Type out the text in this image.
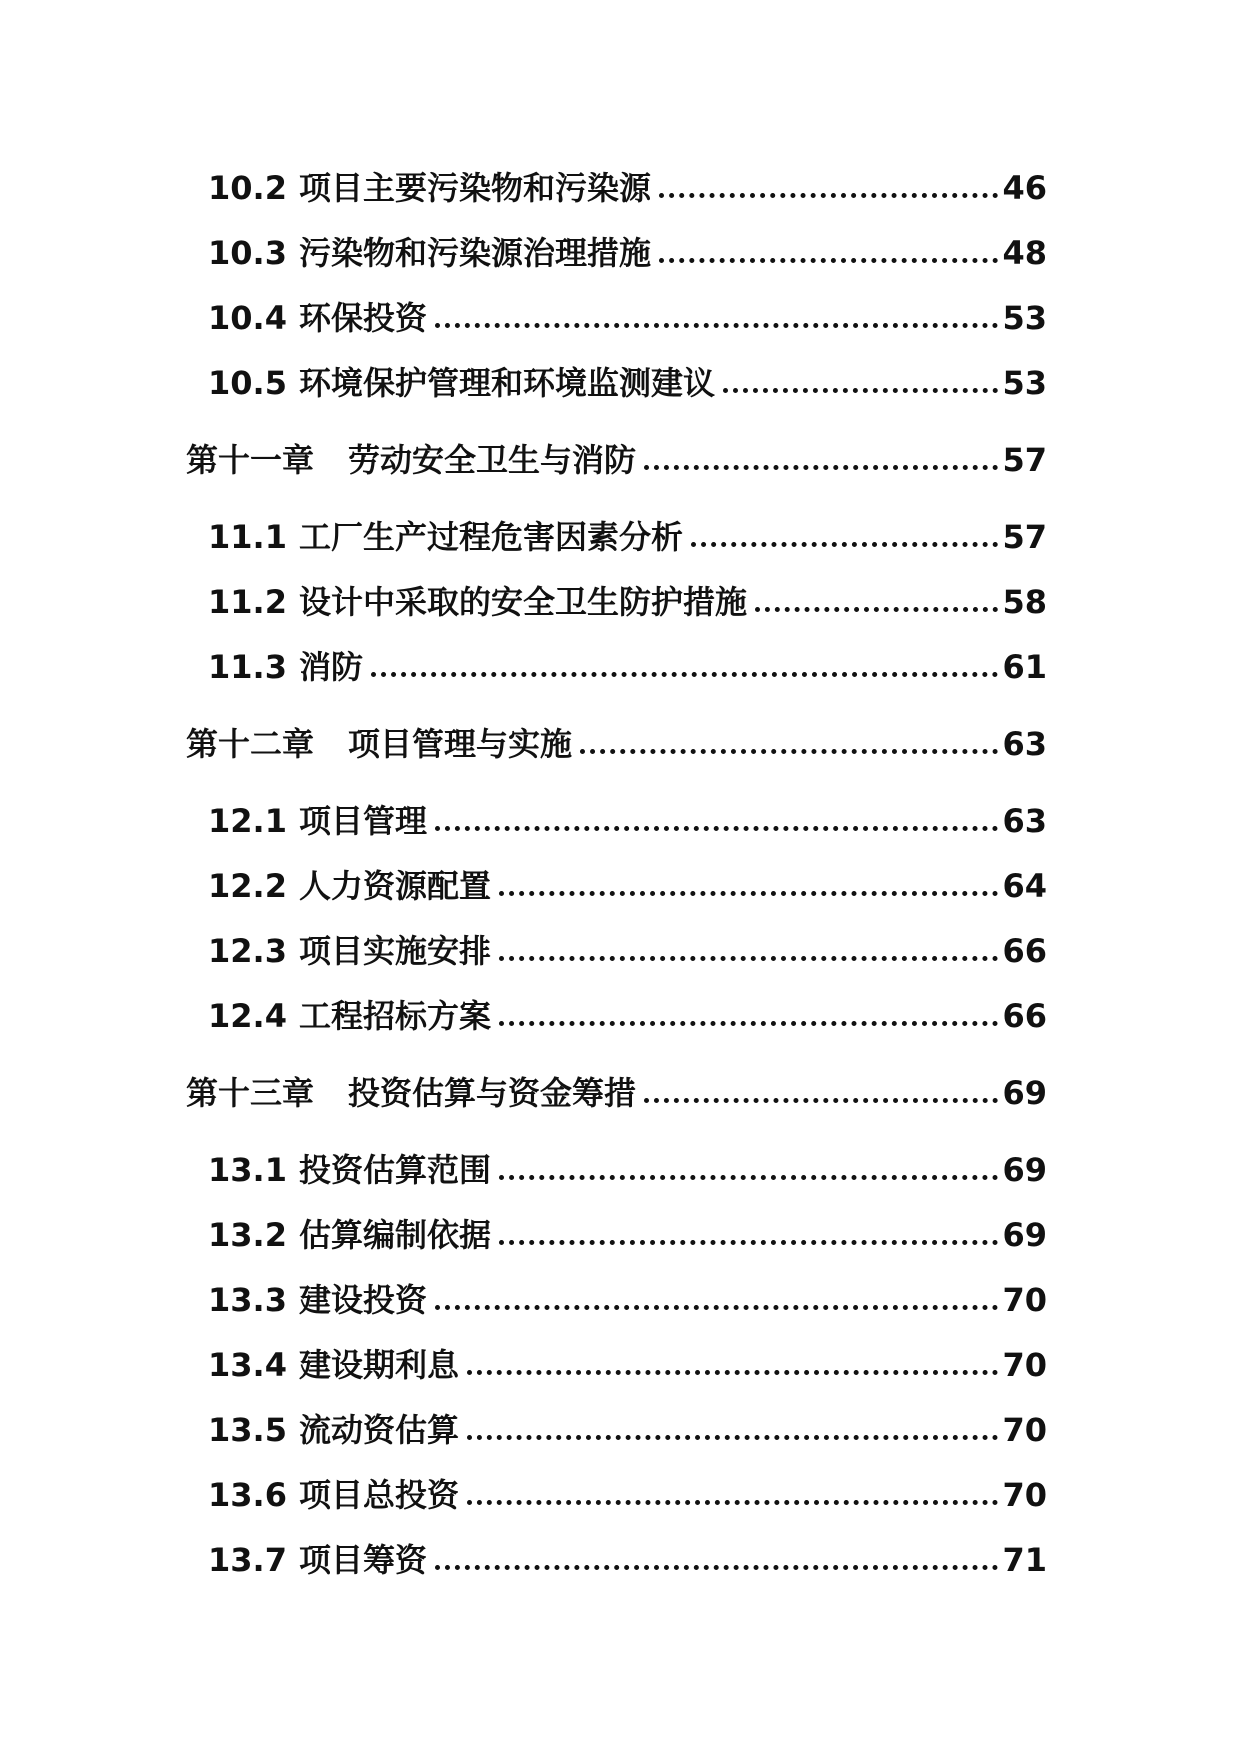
10.2 项目主要污染物和污染源	46
10.3 污染物和污染源治理措施	48
10.4 环保投资	53
10.5 环境保护管理和环境监测建议	53
第十一章 劳动安全卫生与消防	57
11.1 工厂生产过程危害因素分析	57
11.2 设计中采取的安全卫生防护措施	58
11.3 消防	61
第十二章 项目管理与实施	63
12.1 项目管理	63
12.2 人力资源配置	64
12.3 项目实施安排	66
12.4 工程招标方案	66
第十三章 投资估算与资金筹措	69
13.1 投资估算范围	69
13.2 估算编制依据	69
13.3 建设投资	70
13.4 建设期利息	70
13.5 流动资估算	70
13.6 项目总投资	70
13.7 项目筹资	71
